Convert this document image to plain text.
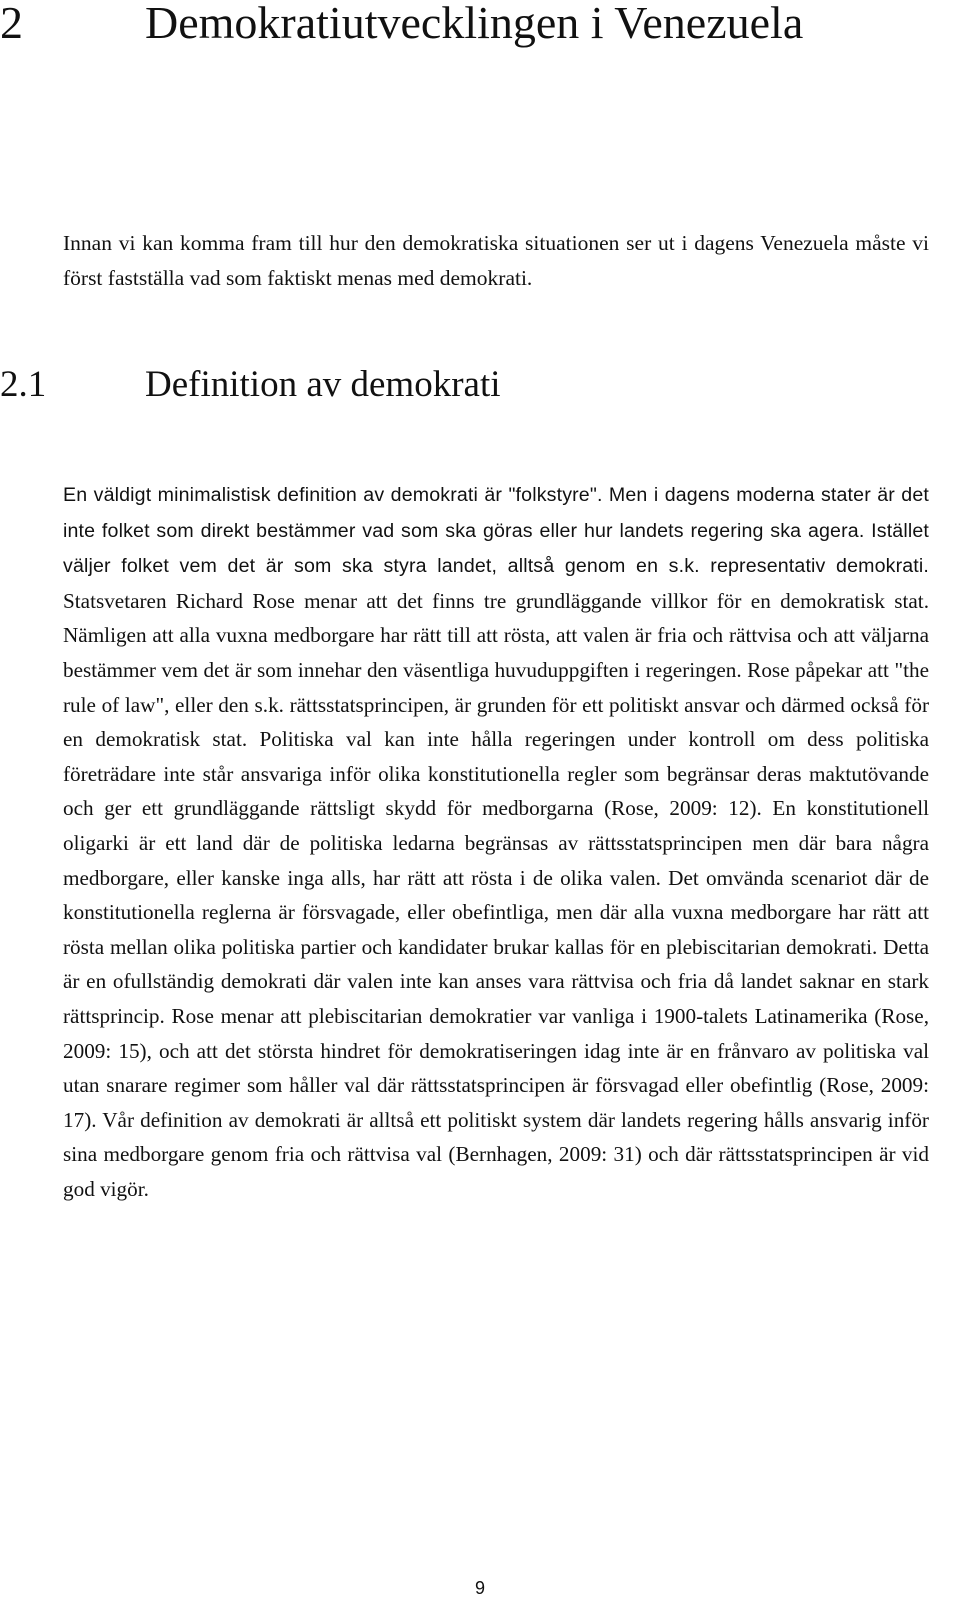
2	Demokratiutvecklingen i Venezuela

Innan vi kan komma fram till hur den demokratiska situationen ser ut i dagens Venezuela måste vi först fastställa vad som faktiskt menas med demokrati.

2.1	Definition av demokrati

En väldigt minimalistisk definition av demokrati är "folkstyre". Men i dagens moderna stater är det inte folket som direkt bestämmer vad som ska göras eller hur landets regering ska agera. Istället väljer folket vem det är som ska styra landet, alltså genom en s.k. representativ demokrati. Statsvetaren Richard Rose menar att det finns tre grundläggande villkor för en demokratisk stat. Nämligen att alla vuxna medborgare har rätt till att rösta, att valen är fria och rättvisa och att väljarna bestämmer vem det är som innehar den väsentliga huvuduppgiften i regeringen. Rose påpekar att "the rule of law", eller den s.k. rättsstatsprincipen, är grunden för ett politiskt ansvar och därmed också för en demokratisk stat. Politiska val kan inte hålla regeringen under kontroll om dess politiska företrädare inte står ansvariga inför olika konstitutionella regler som begränsar deras maktutövande och ger ett grundläggande rättsligt skydd för medborgarna (Rose, 2009: 12). En konstitutionell oligarki är ett land där de politiska ledarna begränsas av rättsstatsprincipen men där bara några medborgare, eller kanske inga alls, har rätt att rösta i de olika valen. Det omvända scenariot där de konstitutionella reglerna är försvagade, eller obefintliga, men där alla vuxna medborgare har rätt att rösta mellan olika politiska partier och kandidater brukar kallas för en plebiscitarian demokrati. Detta är en ofullständig demokrati där valen inte kan anses vara rättvisa och fria då landet saknar en stark rättsprincip. Rose menar att plebiscitarian demokratier var vanliga i 1900-talets Latinamerika (Rose, 2009: 15), och att det största hindret för demokratiseringen idag inte är en frånvaro av politiska val utan snarare regimer som håller val där rättsstatsprincipen är försvagad eller obefintlig (Rose, 2009: 17). Vår definition av demokrati är alltså ett politiskt system där landets regering hålls ansvarig inför sina medborgare genom fria och rättvisa val (Bernhagen, 2009: 31) och där rättsstatsprincipen är vid god vigör.

9
